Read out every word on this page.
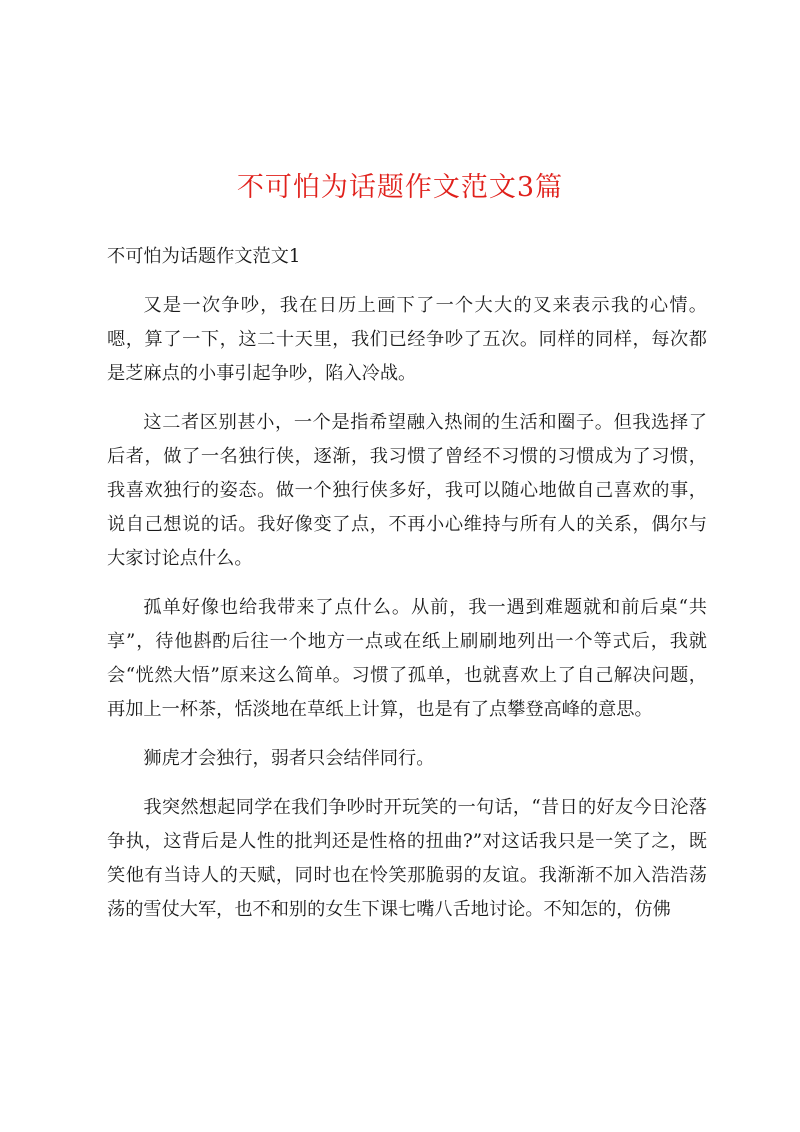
不可怕为话题作文范文3篇

不可怕为话题作文范文1

又是一次争吵，我在日历上画下了一个大大的叉来表示我的心情。嗯，算了一下，这二十天里，我们已经争吵了五次。同样的同样，每次都是芝麻点的小事引起争吵，陷入冷战。

这二者区别甚小，一个是指希望融入热闹的生活和圈子。但我选择了后者，做了一名独行侠，逐渐，我习惯了曾经不习惯的习惯成为了习惯，我喜欢独行的姿态。做一个独行侠多好，我可以随心地做自己喜欢的事，说自己想说的话。我好像变了点，不再小心维持与所有人的关系，偶尔与大家讨论点什么。

孤单好像也给我带来了点什么。从前，我一遇到难题就和前后桌“共享”，待他斟酌后往一个地方一点或在纸上刷刷地列出一个等式后，我就会“恍然大悟”原来这么简单。习惯了孤单，也就喜欢上了自己解决问题，再加上一杯茶，恬淡地在草纸上计算，也是有了点攀登高峰的意思。

狮虎才会独行，弱者只会结伴同行。

我突然想起同学在我们争吵时开玩笑的一句话，“昔日的好友今日沦落争执，这背后是人性的批判还是性格的扭曲?”对这话我只是一笑了之，既笑他有当诗人的天赋，同时也在怜笑那脆弱的友谊。我渐渐不加入浩浩荡荡的雪仗大军，也不和别的女生下课七嘴八舌地讨论。不知怎的，仿佛
